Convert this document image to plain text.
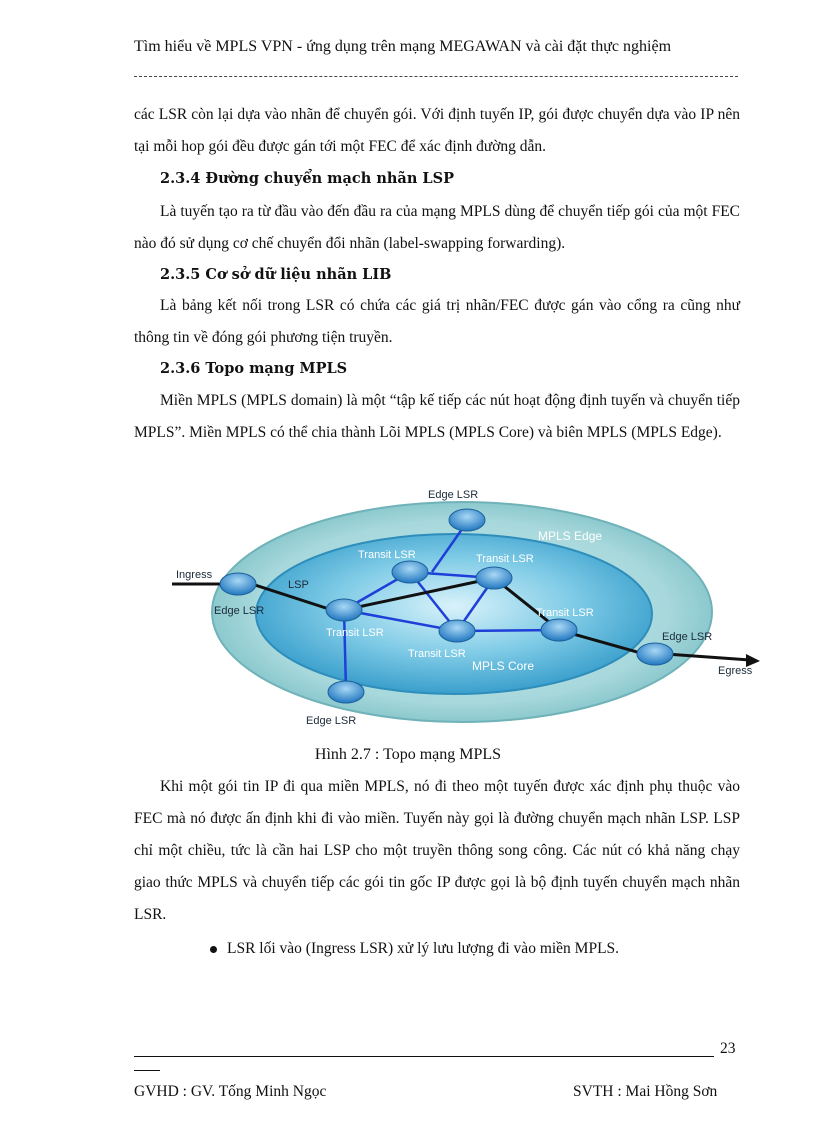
Tìm hiểu về MPLS VPN - ứng dụng trên mạng MEGAWAN và cài đặt thực nghiệm

các LSR còn lại dựa vào nhãn để chuyển gói. Với định tuyến IP, gói được chuyển dựa vào IP nên tại mỗi hop gói đều được gán tới một FEC để xác định đường dẫn.

2.3.4 Đường chuyển mạch nhãn LSP

Là tuyến tạo ra từ đầu vào đến đầu ra của mạng MPLS dùng để chuyển tiếp gói của một FEC nào đó sử dụng cơ chế chuyển đổi nhãn (label-swapping forwarding).

2.3.5 Cơ sở dữ liệu nhãn LIB

Là bảng kết nối trong LSR có chứa các giá trị nhãn/FEC được gán vào cổng ra cũng như thông tin về đóng gói phương tiện truyền.

2.3.6 Topo mạng MPLS

Miền MPLS (MPLS domain) là một “tập kế tiếp các nút hoạt động định tuyến và chuyển tiếp MPLS”. Miền MPLS có thể chia thành Lõi MPLS (MPLS Core) và biên MPLS (MPLS Edge).

Edge LSR
MPLS Edge
Transit LSR	Transit LSR
Ingress
LSP
Edge LSR
Transit LSR
Transit LSR
Transit LSR
MPLS Core
Edge LSR
Egress
Edge LSR
Hình 2.7 : Topo mạng MPLS

Khi một gói tin IP đi qua miền MPLS, nó đi theo một tuyến được xác định phụ thuộc vào FEC mà nó được ấn định khi đi vào miền. Tuyến này gọi là đường chuyển mạch nhãn LSP. LSP chỉ một chiều, tức là cần hai LSP cho một truyền thông song công. Các nút có khả năng chạy giao thức MPLS và chuyển tiếp các gói tin gốc IP được gọi là bộ định tuyến chuyển mạch nhãn LSR.

LSR lối vào (Ingress LSR) xử lý lưu lượng đi vào miền MPLS.
23
GVHD : GV. Tống Minh Ngọc	SVTH : Mai Hồng Sơn
